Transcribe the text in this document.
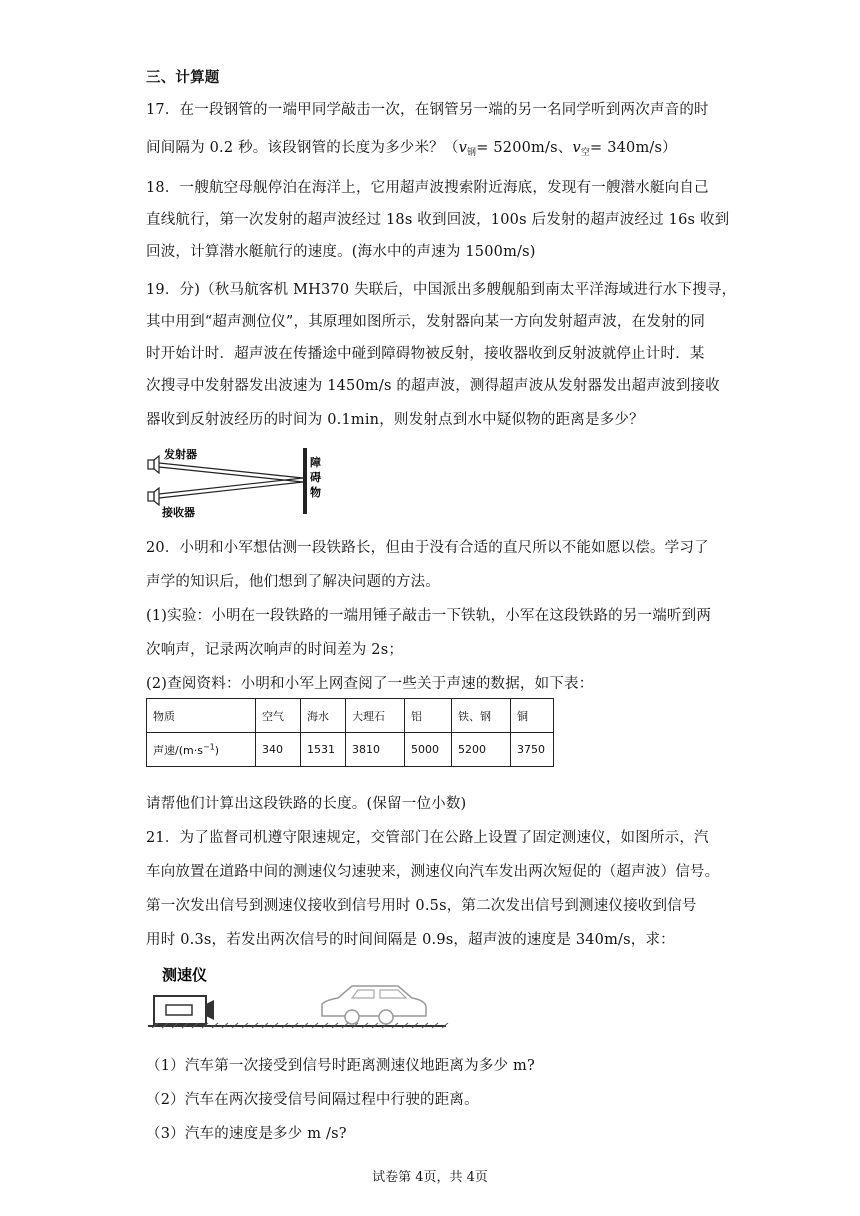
三、计算题
17．在一段钢管的一端甲同学敲击一次，在钢管另一端的另一名同学听到两次声音的时
间间隔为 0.2 秒。该段钢管的长度为多少米？（$v_钢= 5200m/s$、$v_空= 340m/s$）
18．一艘航空母舰停泊在海洋上，它用超声波搜索附近海底，发现有一艘潜水艇向自己
直线航行，第一次发射的超声波经过 18s 收到回波，100s 后发射的超声波经过 16s 收到
回波，计算潜水艇航行的速度。(海水中的声速为 1500m/s)
19．分)（秋马航客机 MH370 失联后，中国派出多艘舰船到南太平洋海域进行水下搜寻，
其中用到“超声测位仪”，其原理如图所示，发射器向某一方向发射超声波，在发射的同
时开始计时．超声波在传播途中碰到障碍物被反射，接收器收到反射波就停止计时．某
次搜寻中发射器发出波速为 1450m/s 的超声波，测得超声波从发射器发出超声波到接收
器收到反射波经历的时间为 0.1min，则发射点到水中疑似物的距离是多少？
发射器
接收器
障
碍
物
20．小明和小军想估测一段铁路长，但由于没有合适的直尺所以不能如愿以偿。学习了
声学的知识后，他们想到了解决问题的方法。
(1)实验：小明在一段铁路的一端用锤子敲击一下铁轨，小军在这段铁路的另一端听到两
次响声，记录两次响声的时间差为 2s；
(2)查阅资料：小明和小军上网查阅了一些关于声速的数据，如下表：
物质	空气	海水	大理石	铝	铁、钢	铜
声速$/(m\cdot s^{-1})$	340	1531	3810	5000	5200	3750
请帮他们计算出这段铁路的长度。(保留一位小数)
21．为了监督司机遵守限速规定，交管部门在公路上设置了固定测速仪，如图所示，汽
车向放置在道路中间的测速仪匀速驶来，测速仪向汽车发出两次短促的（超声波）信号。
第一次发出信号到测速仪接收到信号用时 0.5s，第二次发出信号到测速仪接收到信号
用时 0.3s，若发出两次信号的时间间隔是 0.9s，超声波的速度是 340m/s，求：
测速仪
（1）汽车第一次接受到信号时距离测速仪地距离为多少 m?
（2）汽车在两次接受信号间隔过程中行驶的距离。
（3）汽车的速度是多少 m /s?
试卷第 4页，共 4页
